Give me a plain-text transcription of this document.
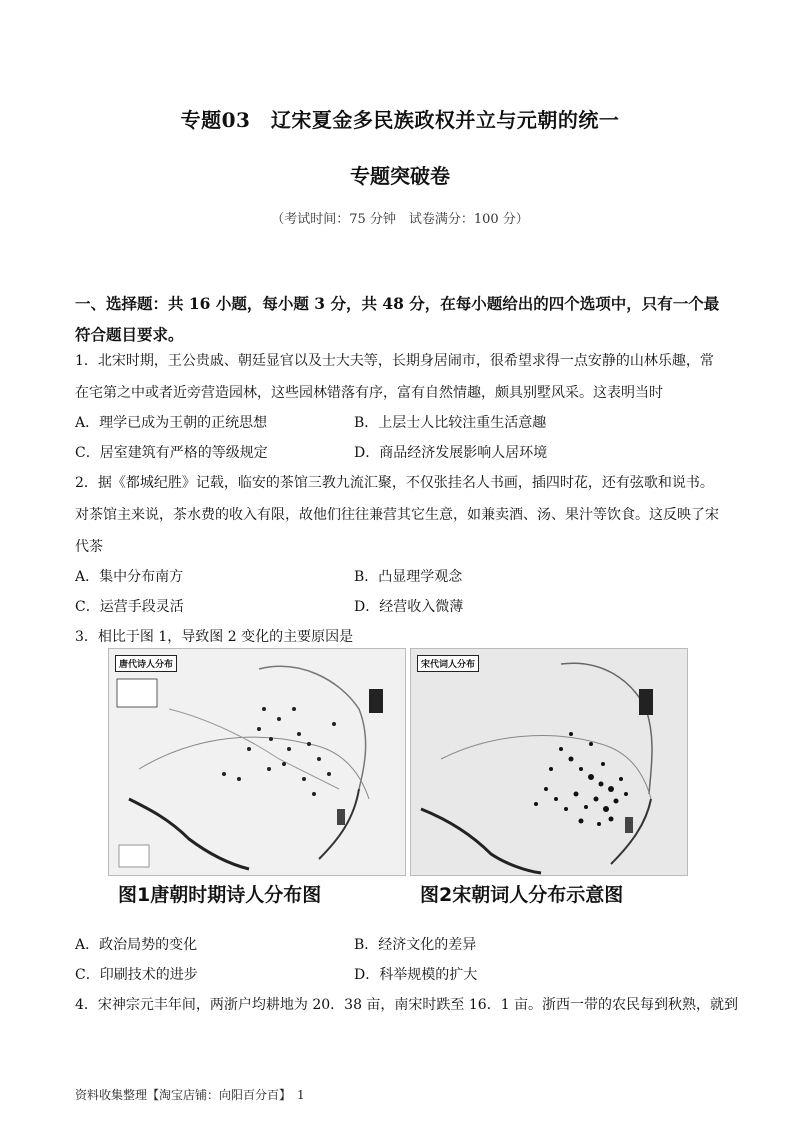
专题03　辽宋夏金多民族政权并立与元朝的统一
专题突破卷
（考试时间：75 分钟　试卷满分：100 分）
一、选择题：共 16 小题，每小题 3 分，共 48 分，在每小题给出的四个选项中，只有一个最
符合题目要求。
1．北宋时期，王公贵戚、朝廷显官以及士大夫等，长期身居闹市，很希望求得一点安静的山林乐趣，常
在宅第之中或者近旁营造园林，这些园林错落有序，富有自然情趣，颇具别墅风采。这表明当时
A．理学已成为王朝的正统思想	B．上层士人比较注重生活意趣
C．居室建筑有严格的等级规定	D．商品经济发展影响人居环境
2．据《都城纪胜》记载，临安的茶馆三教九流汇聚，不仅张挂名人书画，插四时花，还有弦歌和说书。
对茶馆主来说，茶水费的收入有限，故他们往往兼营其它生意，如兼卖酒、汤、果汁等饮食。这反映了宋
代茶
A．集中分布南方	B．凸显理学观念
C．运营手段灵活	D．经营收入微薄
3．相比于图 1，导致图 2 变化的主要原因是
唐代诗人分布	宋代词人分布
图1唐朝时期诗人分布图	图2宋朝词人分布示意图
A．政治局势的变化	B．经济文化的差异
C．印刷技术的进步	D．科举规模的扩大
4．宋神宗元丰年间，两浙户均耕地为 20．38 亩，南宋时跌至 16．1 亩。浙西一带的农民每到秋熟，就到
资料收集整理【淘宝店铺：向阳百分百】　1
